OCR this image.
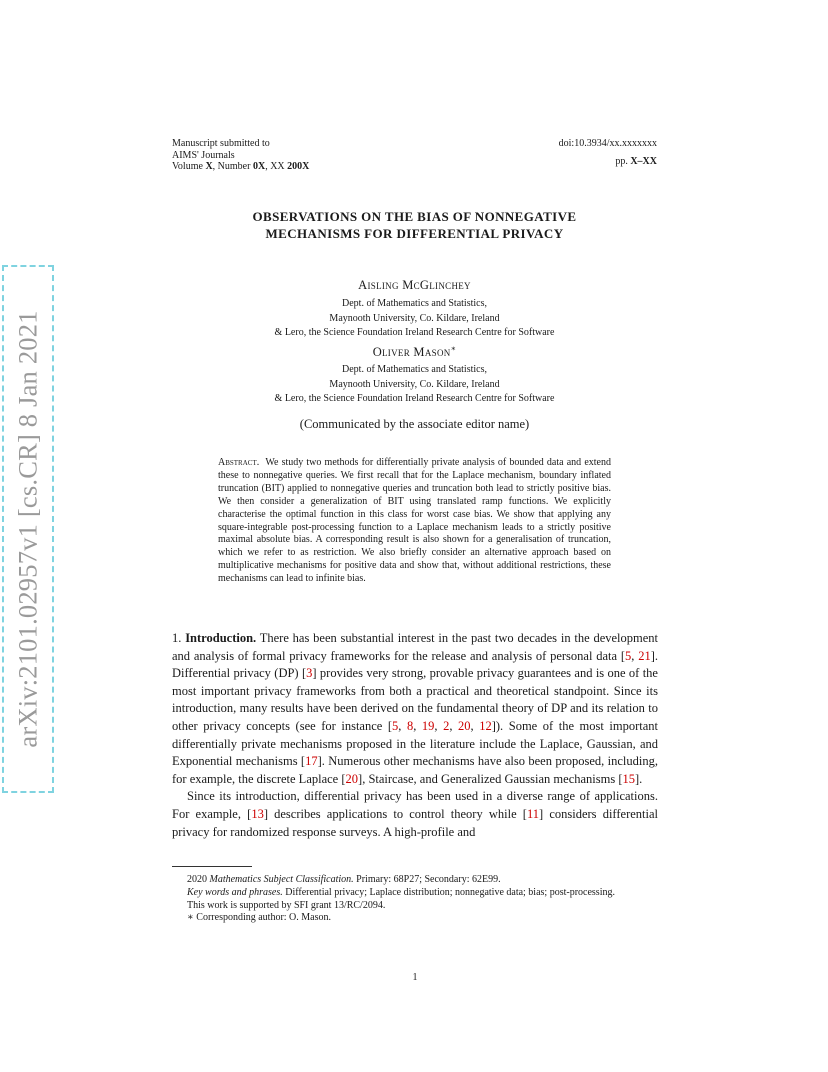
arXiv:2101.02957v1 [cs.CR] 8 Jan 2021
Manuscript submitted to
AIMS' Journals
Volume X, Number 0X, XX 200X
doi:10.3934/xx.xxxxxxx
pp. X–XX
OBSERVATIONS ON THE BIAS OF NONNEGATIVE
MECHANISMS FOR DIFFERENTIAL PRIVACY
Aisling McGlinchey
Dept. of Mathematics and Statistics,
Maynooth University, Co. Kildare, Ireland
& Lero, the Science Foundation Ireland Research Centre for Software
Oliver Mason∗
Dept. of Mathematics and Statistics,
Maynooth University, Co. Kildare, Ireland
& Lero, the Science Foundation Ireland Research Centre for Software
(Communicated by the associate editor name)
Abstract. We study two methods for differentially private analysis of bounded data and extend these to nonnegative queries. We first recall that for the Laplace mechanism, boundary inflated truncation (BIT) applied to nonnegative queries and truncation both lead to strictly positive bias. We then consider a generalization of BIT using translated ramp functions. We explicitly characterise the optimal function in this class for worst case bias. We show that applying any square-integrable post-processing function to a Laplace mechanism leads to a strictly positive maximal absolute bias. A corresponding result is also shown for a generalisation of truncation, which we refer to as restriction. We also briefly consider an alternative approach based on multiplicative mechanisms for positive data and show that, without additional restrictions, these mechanisms can lead to infinite bias.

1. Introduction. There has been substantial interest in the past two decades in the development and analysis of formal privacy frameworks for the release and analysis of personal data [5, 21]. Differential privacy (DP) [3] provides very strong, provable privacy guarantees and is one of the most important privacy frameworks from both a practical and theoretical standpoint. Since its introduction, many results have been derived on the fundamental theory of DP and its relation to other privacy concepts (see for instance [5, 8, 19, 2, 20, 12]). Some of the most important differentially private mechanisms proposed in the literature include the Laplace, Gaussian, and Exponential mechanisms [17]. Numerous other mechanisms have also been proposed, including, for example, the discrete Laplace [20], Staircase, and Generalized Gaussian mechanisms [15].

Since its introduction, differential privacy has been used in a diverse range of applications. For example, [13] describes applications to control theory while [11] considers differential privacy for randomized response surveys. A high-profile and

2020 Mathematics Subject Classification. Primary: 68P27; Secondary: 62E99.

Key words and phrases. Differential privacy; Laplace distribution; nonnegative data; bias; post-processing.

This work is supported by SFI grant 13/RC/2094.

∗ Corresponding author: O. Mason.

1
